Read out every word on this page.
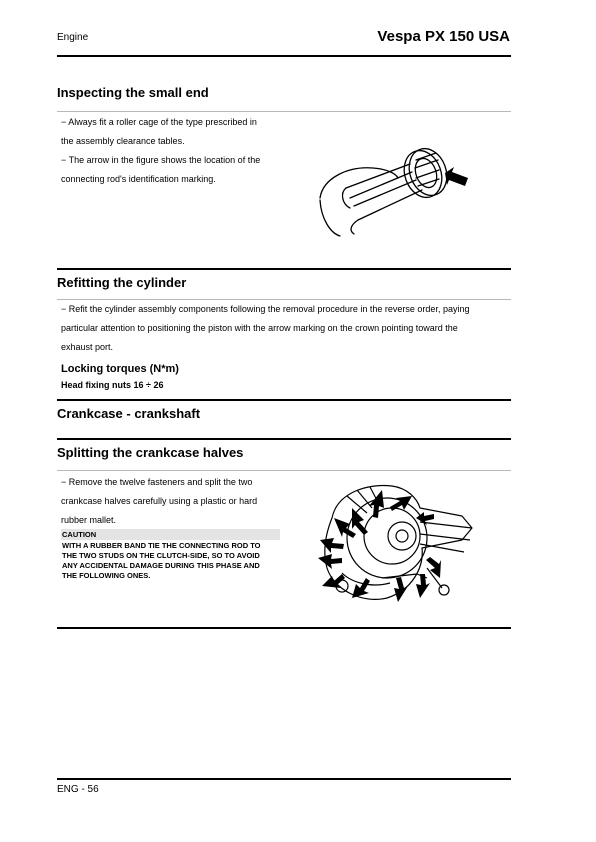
Engine	Vespa PX 150 USA
Inspecting the small end

− Always fit a roller cage of the type prescribed in

the assembly clearance tables.

− The arrow in the figure shows the location of the

connecting rod's identification marking.

Refitting the cylinder

− Refit the cylinder assembly components following the removal procedure in the reverse order, paying

particular attention to positioning the piston with the arrow marking on the crown pointing toward the

exhaust port.

Locking torques (N*m)
Head fixing nuts 16 ÷ 26
Crankcase - crankshaft
Splitting the crankcase halves

− Remove the twelve fasteners and split the two

crankcase halves carefully using a plastic or hard

rubber mallet.

CAUTION
WITH A RUBBER BAND TIE THE CONNECTING ROD TO
THE TWO STUDS ON THE CLUTCH-SIDE, SO TO AVOID
ANY ACCIDENTAL DAMAGE DURING THIS PHASE AND
THE FOLLOWING ONES.
ENG - 56
